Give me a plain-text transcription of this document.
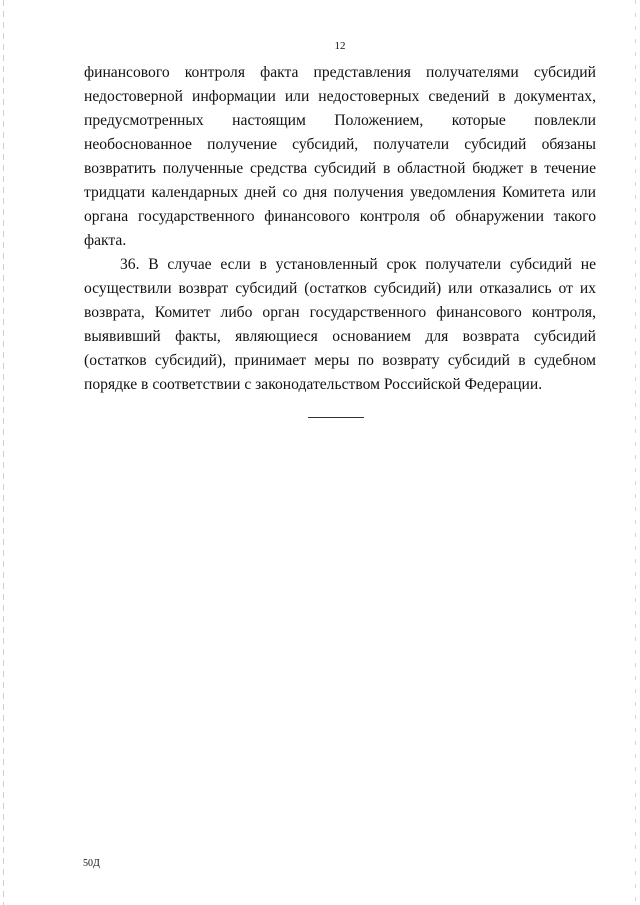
12

финансового контроля факта представления получателями субсидий недостоверной информации или недостоверных сведений в документах, предусмотренных настоящим Положением, которые повлекли необоснованное получение субсидий, получатели субсидий обязаны возвратить полученные средства субсидий в областной бюджет в течение тридцати календарных дней со дня получения уведомления Комитета или органа государственного финансового контроля об обнаружении такого факта.

36. В случае если в установленный срок получатели субсидий не осуществили возврат субсидий (остатков субсидий) или отказались от их возврата, Комитет либо орган государственного финансового контроля, выявивший факты, являющиеся основанием для возврата субсидий (остатков субсидий), принимает меры по возврату субсидий в судебном порядке в соответствии с законодательством Российской Федерации.

50Д
